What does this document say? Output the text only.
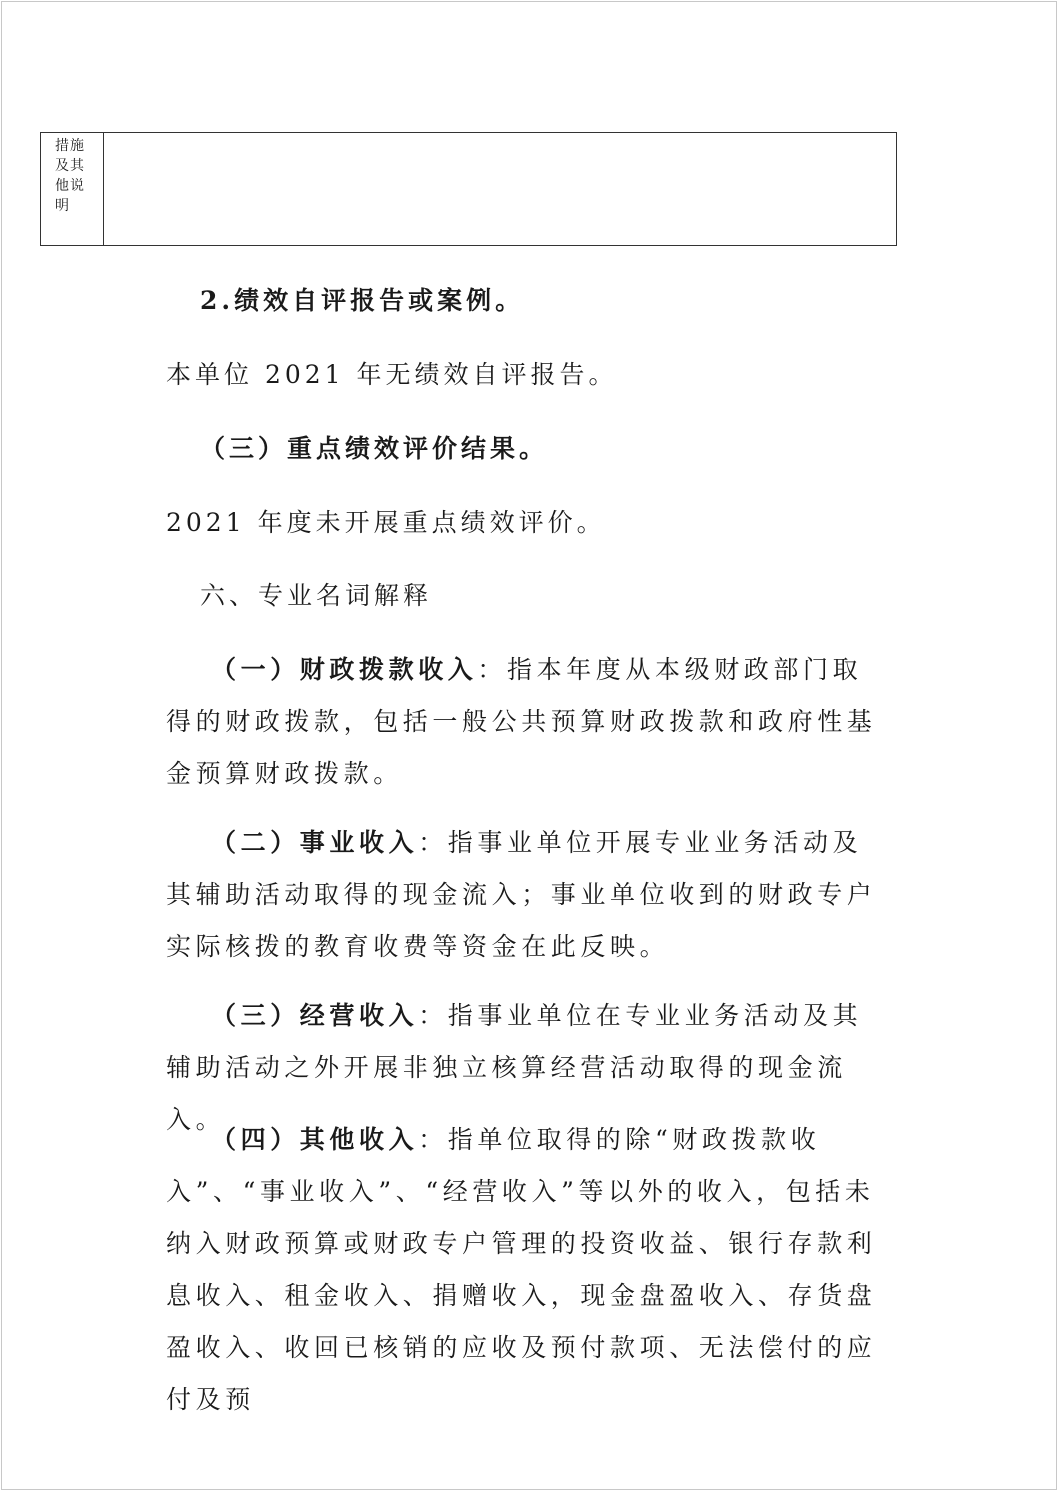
措施及其他说明
2.绩效自评报告或案例。
本单位 2021 年无绩效自评报告。
（三）重点绩效评价结果。
2021 年度未开展重点绩效评价。
六、专业名词解释

（一）财政拨款收入：指本年度从本级财政部门取得的财政拨款，包括一般公共预算财政拨款和政府性基金预算财政拨款。

（二）事业收入：指事业单位开展专业业务活动及其辅助活动取得的现金流入；事业单位收到的财政专户实际核拨的教育收费等资金在此反映。

（三）经营收入：指事业单位在专业业务活动及其辅助活动之外开展非独立核算经营活动取得的现金流入。

（四）其他收入：指单位取得的除“财政拨款收入”、“事业收入”、“经营收入”等以外的收入，包括未纳入财政预算或财政专户管理的投资收益、银行存款利息收入、租金收入、捐赠收入，现金盘盈收入、存货盘盈收入、收回已核销的应收及预付款项、无法偿付的应付及预
